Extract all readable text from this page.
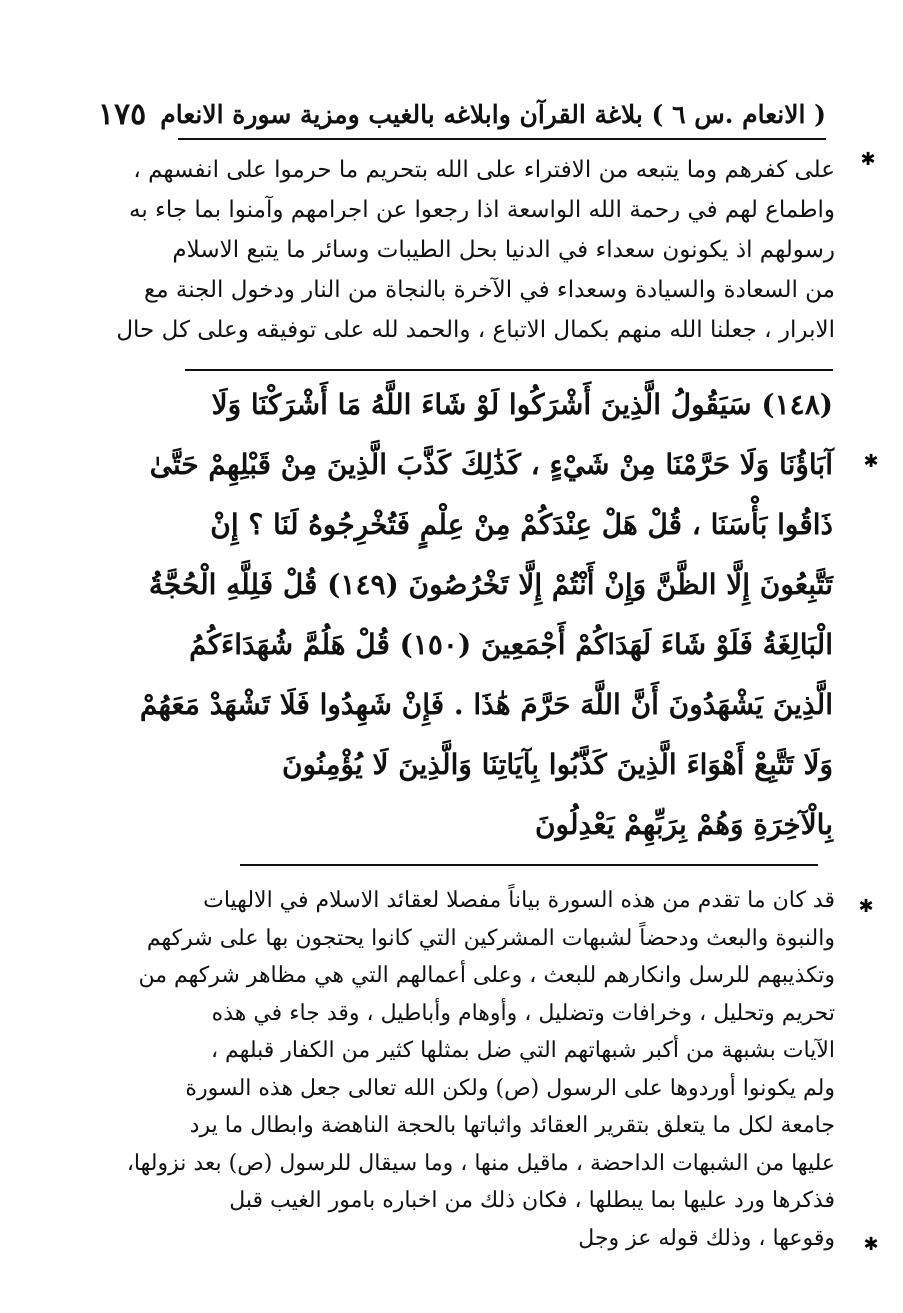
( الانعام .س ٦ ) بلاغة القرآن وابلاغه بالغيب ومزية سورة الانعام
١٧٥
على كفرهم وما يتبعه من الافتراء على الله بتحريم ما حرموا على انفسهم ،
واطماع لهم في رحمة الله الواسعة اذا رجعوا عن اجرامهم وآمنوا بما جاء به
رسولهم اذ يكونون سعداء في الدنيا بحل الطيبات وسائر ما يتبع الاسلام
من السعادة والسيادة وسعداء في الآخرة بالنجاة من النار ودخول الجنة مع
الابرار ، جعلنا الله منهم بكمال الاتباع ، والحمد لله على توفيقه وعلى كل حال
(١٤٨) سَيَقُولُ الَّذِينَ أَشْرَكُوا لَوْ شَاءَ اللَّهُ مَا أَشْرَكْنَا وَلَا
آبَاؤُنَا وَلَا حَرَّمْنَا مِنْ شَيْءٍ ، كَذَٰلِكَ كَذَّبَ الَّذِينَ مِنْ قَبْلِهِمْ حَتَّىٰ
ذَاقُوا بَأْسَنَا ، قُلْ هَلْ عِنْدَكُمْ مِنْ عِلْمٍ فَتُخْرِجُوهُ لَنَا ؟ إِنْ
تَتَّبِعُونَ إِلَّا الظَّنَّ وَإِنْ أَنْتُمْ إِلَّا تَخْرُصُونَ (١٤٩) قُلْ فَلِلَّهِ الْحُجَّةُ
الْبَالِغَةُ فَلَوْ شَاءَ لَهَدَاكُمْ أَجْمَعِينَ (١٥٠) قُلْ هَلُمَّ شُهَدَاءَكُمُ
الَّذِينَ يَشْهَدُونَ أَنَّ اللَّهَ حَرَّمَ هَٰذَا . فَإِنْ شَهِدُوا فَلَا تَشْهَدْ مَعَهُمْ
وَلَا تَتَّبِعْ أَهْوَاءَ الَّذِينَ كَذَّبُوا بِآيَاتِنَا وَالَّذِينَ لَا يُؤْمِنُونَ
بِالْآخِرَةِ وَهُمْ بِرَبِّهِمْ يَعْدِلُونَ
قد كان ما تقدم من هذه السورة بياناً مفصلا لعقائد الاسلام في الالهيات
والنبوة والبعث ودحضاً لشبهات المشركين التي كانوا يحتجون بها على شركهم
وتكذيبهم للرسل وانكارهم للبعث ، وعلى أعمالهم التي هي مظاهر شركهم من
تحريم وتحليل ، وخرافات وتضليل ، وأوهام وأباطيل ، وقد جاء في هذه
الآيات بشبهة من أكبر شبهاتهم التي ضل بمثلها كثير من الكفار قبلهم ،
ولم يكونوا أوردوها على الرسول (ص) ولكن الله تعالى جعل هذه السورة
جامعة لكل ما يتعلق بتقرير العقائد واثباتها بالحجة الناهضة وابطال ما يرد
عليها من الشبهات الداحضة ، ماقيل منها ، وما سيقال للرسول (ص) بعد نزولها،
فذكرها ورد عليها بما يبطلها ، فكان ذلك من اخباره بامور الغيب قبل
وقوعها ، وذلك قوله عز وجل
✱
✱
✱
✱
